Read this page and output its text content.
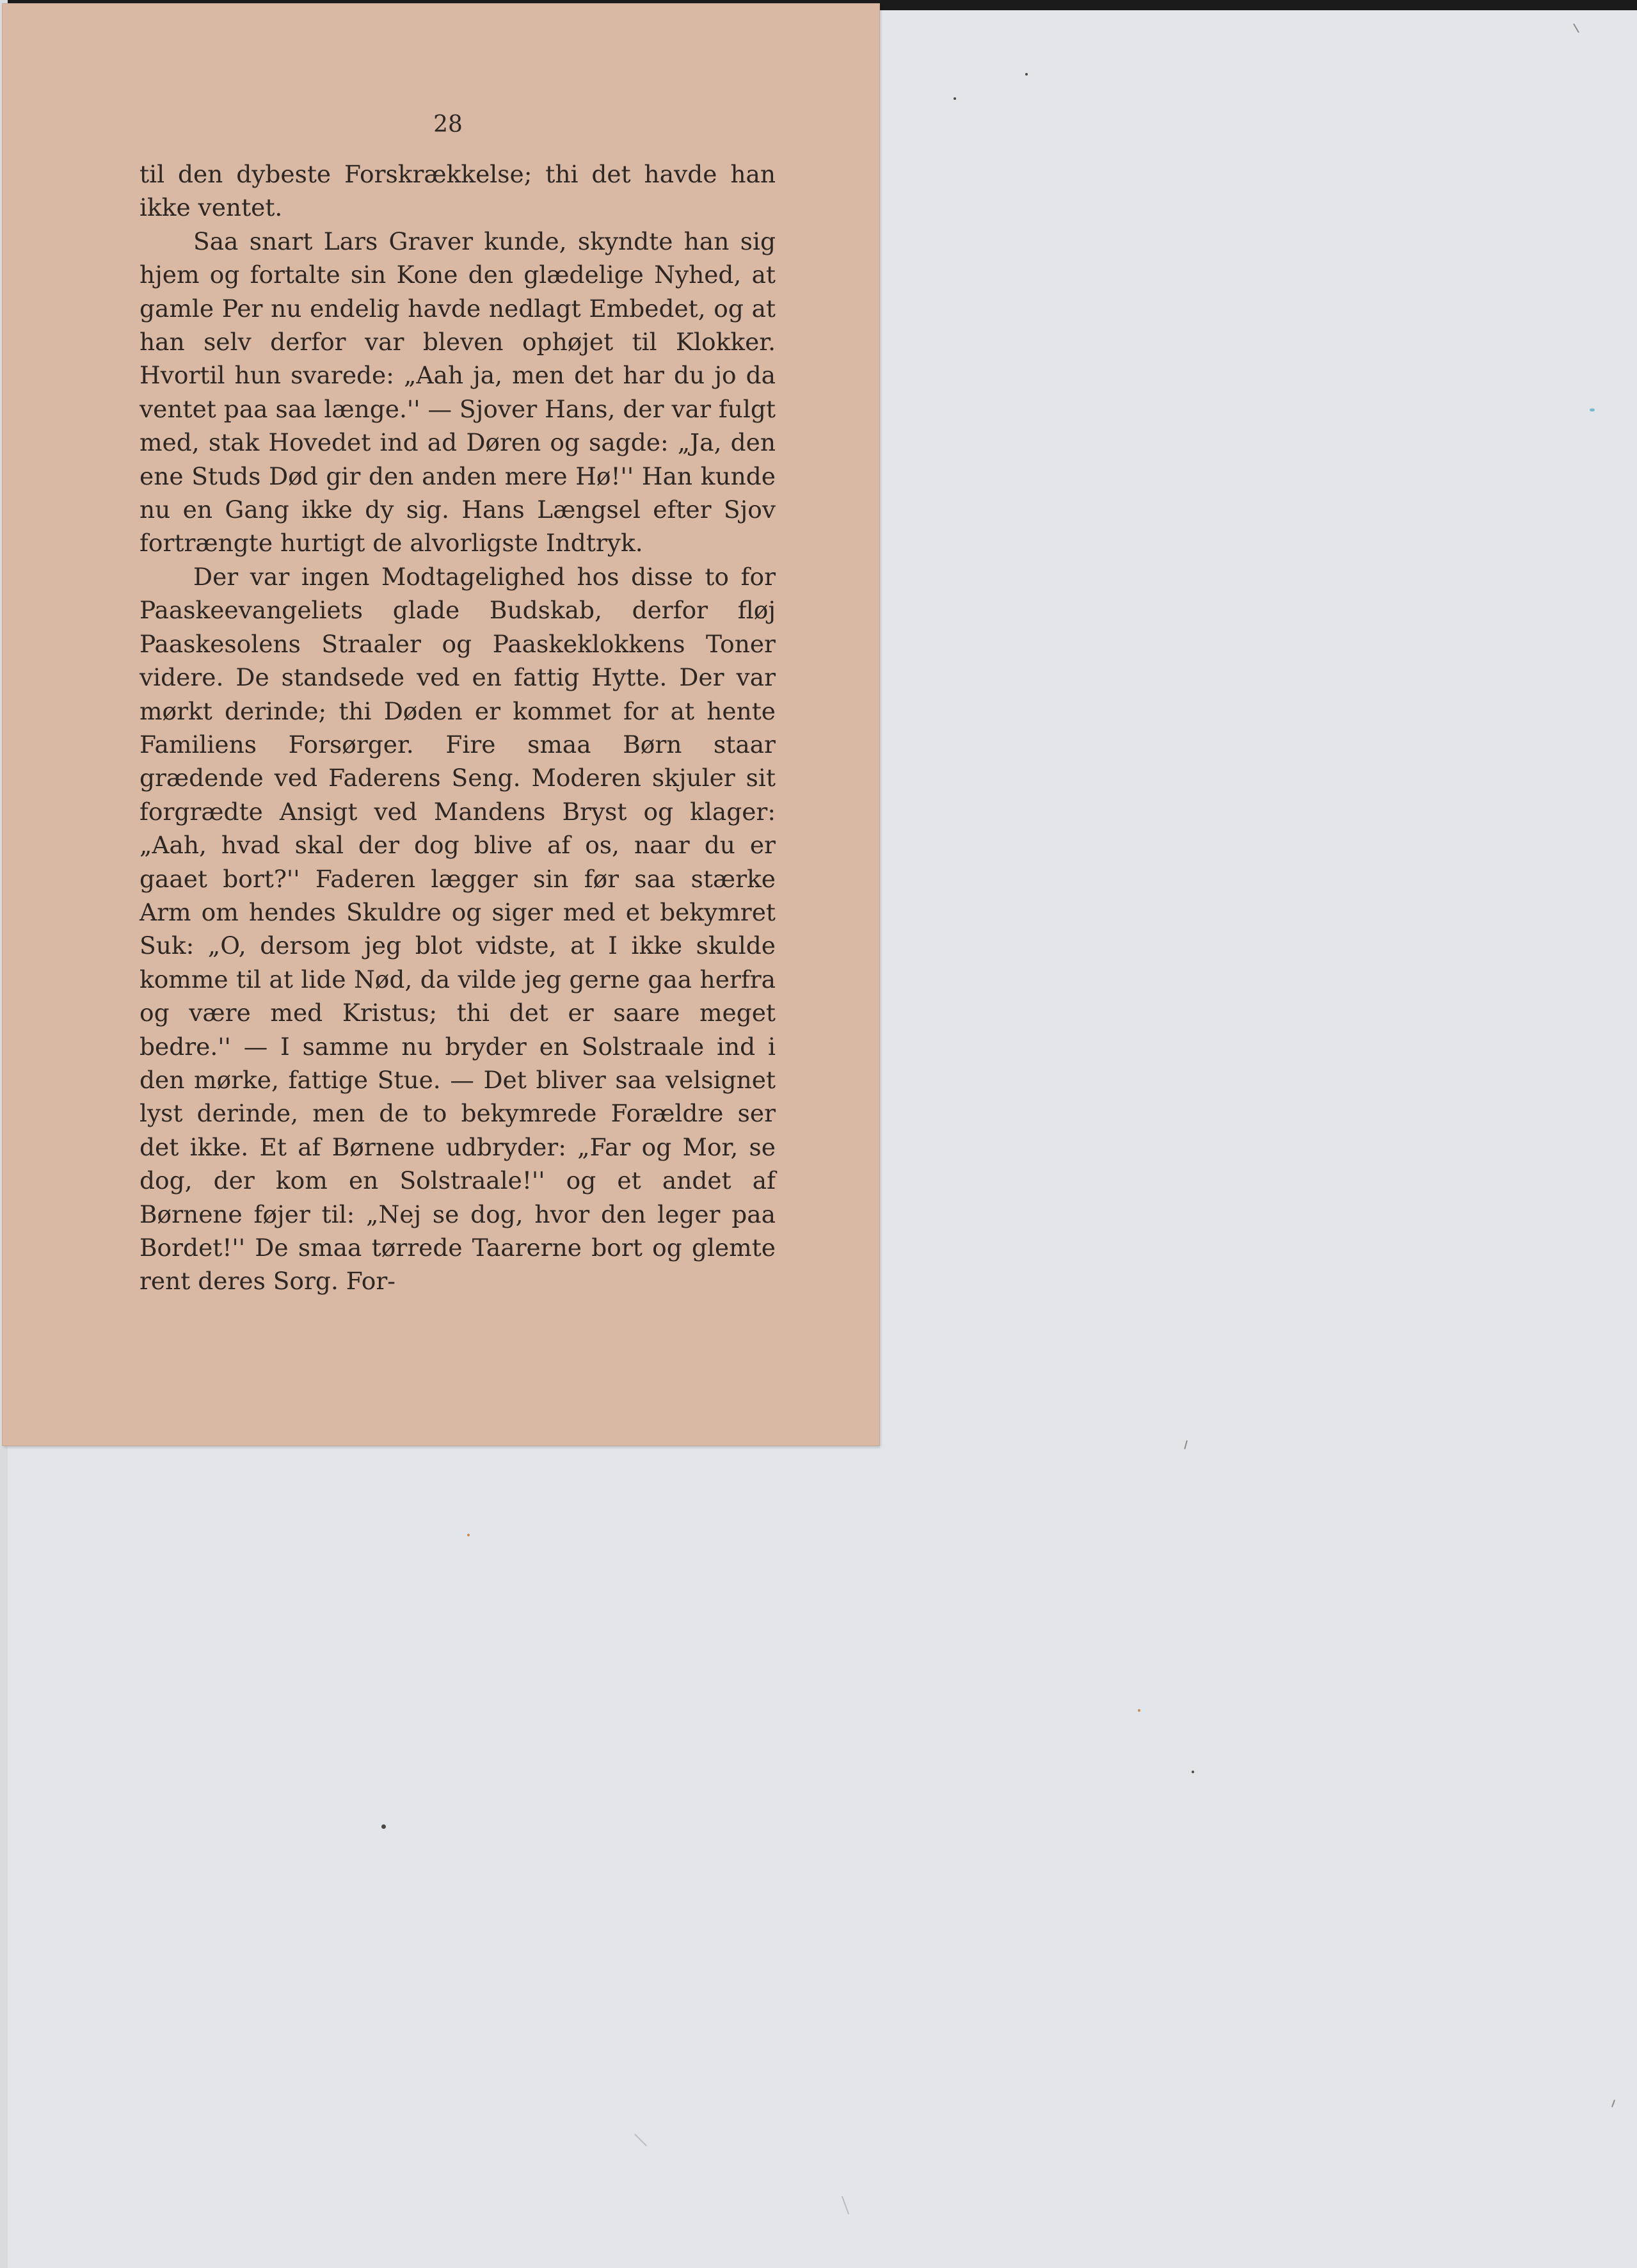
28

til den dybeste Forskrækkelse; thi det havde han ikke ventet.

Saa snart Lars Graver kunde, skyndte han sig hjem og fortalte sin Kone den glædelige Nyhed, at gamle Per nu endelig havde nedlagt Embedet, og at han selv derfor var bleven ophøjet til Klokker. Hvortil hun svarede: „Aah ja, men det har du jo da ventet paa saa længe.'' — Sjover Hans, der var fulgt med, stak Hovedet ind ad Døren og sagde: „Ja, den ene Studs Død gir den anden mere Hø!'' Han kunde nu en Gang ikke dy sig. Hans Længsel efter Sjov fortrængte hurtigt de alvorligste Indtryk.

Der var ingen Modtagelighed hos disse to for Paaskeevangeliets glade Budskab, derfor fløj Paaskesolens Straaler og Paaskeklokkens Toner videre. De standsede ved en fattig Hytte. Der var mørkt derinde; thi Døden er kommet for at hente Familiens Forsørger. Fire smaa Børn staar grædende ved Faderens Seng. Moderen skjuler sit forgrædte Ansigt ved Mandens Bryst og klager: „Aah, hvad skal der dog blive af os, naar du er gaaet bort?'' Faderen lægger sin før saa stærke Arm om hendes Skuldre og siger med et bekymret Suk: „O, dersom jeg blot vidste, at I ikke skulde komme til at lide Nød, da vilde jeg gerne gaa herfra og være med Kristus; thi det er saare meget bedre.'' — I samme nu bryder en Solstraale ind i den mørke, fattige Stue. — Det bliver saa velsignet lyst derinde, men de to bekymrede Forældre ser det ikke. Et af Børnene udbryder: „Far og Mor, se dog, der kom en Solstraale!'' og et andet af Børnene føjer til: „Nej se dog, hvor den leger paa Bordet!'' De smaa tørrede Taarerne bort og glemte rent deres Sorg. For-
